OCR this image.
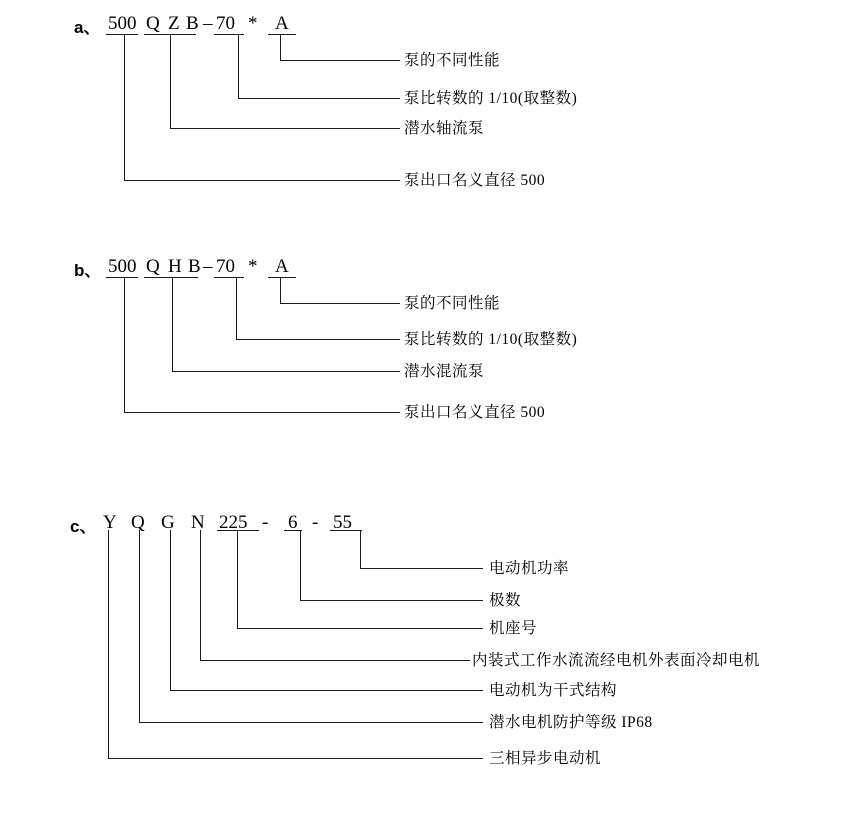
a、 500 Q Z B – 70 * A
泵的不同性能
泵比转数的 1/10(取整数)
潜水轴流泵
泵出口名义直径 500
b、 500 Q H B – 70 * A
泵的不同性能
泵比转数的 1/10(取整数)
潜水混流泵
泵出口名义直径 500
c、 Y Q G N 225 - 6 - 55
电动机功率
极数
机座号
内装式工作水流流经电机外表面冷却电机
电动机为干式结构
潜水电机防护等级 IP68
三相异步电动机
